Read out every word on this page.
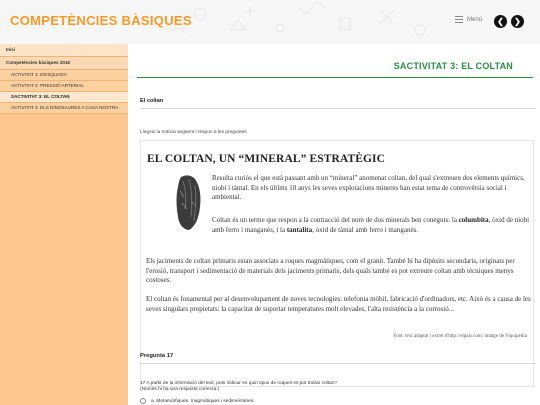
COMPETÈNCIES BÀSIQUES	Menú	❮	❯
Inici
Competències bàsiques 2016
ACTIVITAT 1: D'ESQUADA
ACTIVITAT 2: PRESSIÓ ARTERIAL
SACTIVITAT 3: EL COLTAN
ACTIVITAT 4: ELS DINOSAURES A CASA NOSTRA
SACTIVITAT 3: EL COLTAN
El coltan
Llegeix la notícia següent i respon a les preguntes
EL COLTAN, UN “MINERAL” ESTRATÈGIC
Resulta curiós el que està passant amb un “mineral” anomenat coltan, del qual s'extreuen dos elements químics, niobi i tàntal. En els últims 10 anys les seves explotacions mineres han estat tema de controvèrsia social i ambiental.
Coltan és un terme que respon a la contracció del nom de dos minerals ben coneguts: la columbita, òxid de niobi amb ferro i manganès, i la tantalita, òxid de tàntal amb ferro i manganès.
Els jaciments de coltan primaris estan associats a roques magmàtiques, com el granit. També hi ha dipòsits secundaris, originats per l'erosió, transport i sedimentació de materials dels jaciments primaris, dels quals també es pot extreure coltan amb tècniques menys costoses.
El coltan és fonamental per al desenvolupament de noves tecnologies: telefonia mòbil, fabricació d'ordinadors, etc. Això és a causa de les seves singulars propietats: la capacitat de suportar temperatures molt elevades, l'alta resistència a la corrosió...
Font: text adaptat i extret d'http://elpais.com; imatge de Viquipèdia
Pregunta 17
17 A partir de la informació del text, pots indicar en quin tipus de roques es pot trobar coltan?
(Només hi ha una resposta correcta.)
a. Metamòrfiques, magmàtiques i sedimentàries.
